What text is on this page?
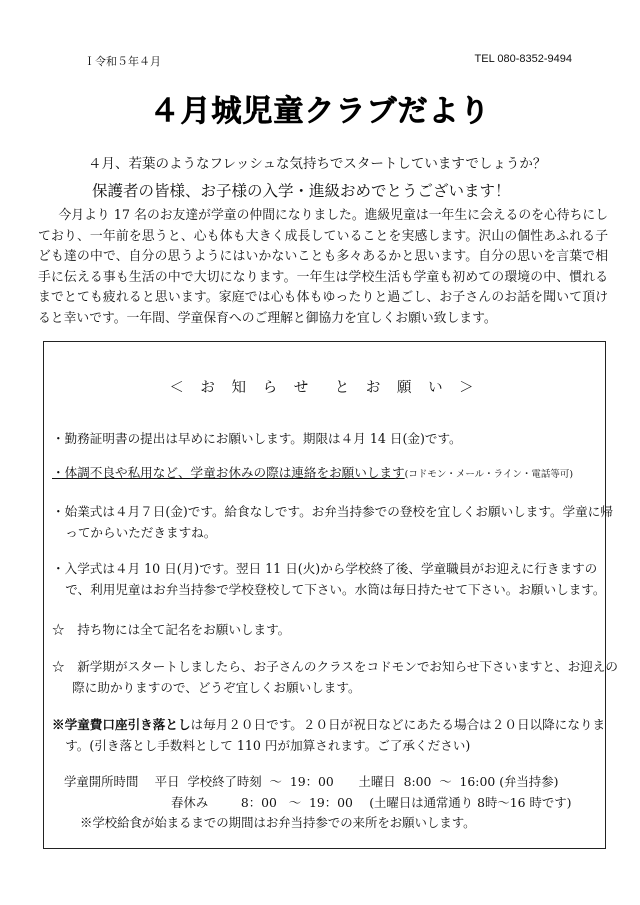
Ｉ令和５年４月	TEL 080-8352-9494
４月城児童クラブだより
４月、若葉のようなフレッシュな気持ちでスタートしていますでしょうか？
保護者の皆様、お子様の入学・進級おめでとうございます！
今月より 17 名のお友達が学童の仲間になりました。進級児童は一年生に会えるのを心待ちにしており、一年前を思うと、心も体も大きく成長していることを実感します。沢山の個性あふれる子ども達の中で、自分の思うようにはいかないことも多々あるかと思います。自分の思いを言葉で相手に伝える事も生活の中で大切になります。一年生は学校生活も学童も初めての環境の中、慣れるまでとても疲れると思います。家庭では心も体もゆったりと過ごし、お子さんのお話を聞いて頂けると幸いです。一年間、学童保育へのご理解と御協力を宜しくお願い致します。
＜ お 知 ら せ　と お 願 い ＞
・勤務証明書の提出は早めにお願いします。期限は４月 14 日(金)です。
・体調不良や私用など、学童お休みの際は連絡をお願いします(コドモン・メール・ライン・電話等可)
・始業式は４月７日(金)です。給食なしです。お弁当持参での登校を宜しくお願いします。学童に帰ってからいただきますね。
・入学式は４月 10 日(月)です。翌日 11 日(火)から学校終了後、学童職員がお迎えに行きますので、利用児童はお弁当持参で学校登校して下さい。水筒は毎日持たせて下さい。お願いします。
☆　持ち物には全て記名をお願いします。
☆　新学期がスタートしましたら、お子さんのクラスをコドモンでお知らせ下さいますと、お迎えの際に助かりますので、どうぞ宜しくお願いします。
※学童費口座引き落としは毎月２０日です。２０日が祝日などにあたる場合は２０日以降になります。(引き落とし手数料として 110 円が加算されます。ご了承ください)
学童開所時間　 平日  学校終了時刻  〜  19：00　　土曜日  8:00  〜  16:00 (弁当持参)
　　　　　　　　  春休み　　  8：00   〜  19：00　 (土曜日は通常通り 8時〜16 時です)
※学校給食が始まるまでの期間はお弁当持参での来所をお願いします。
